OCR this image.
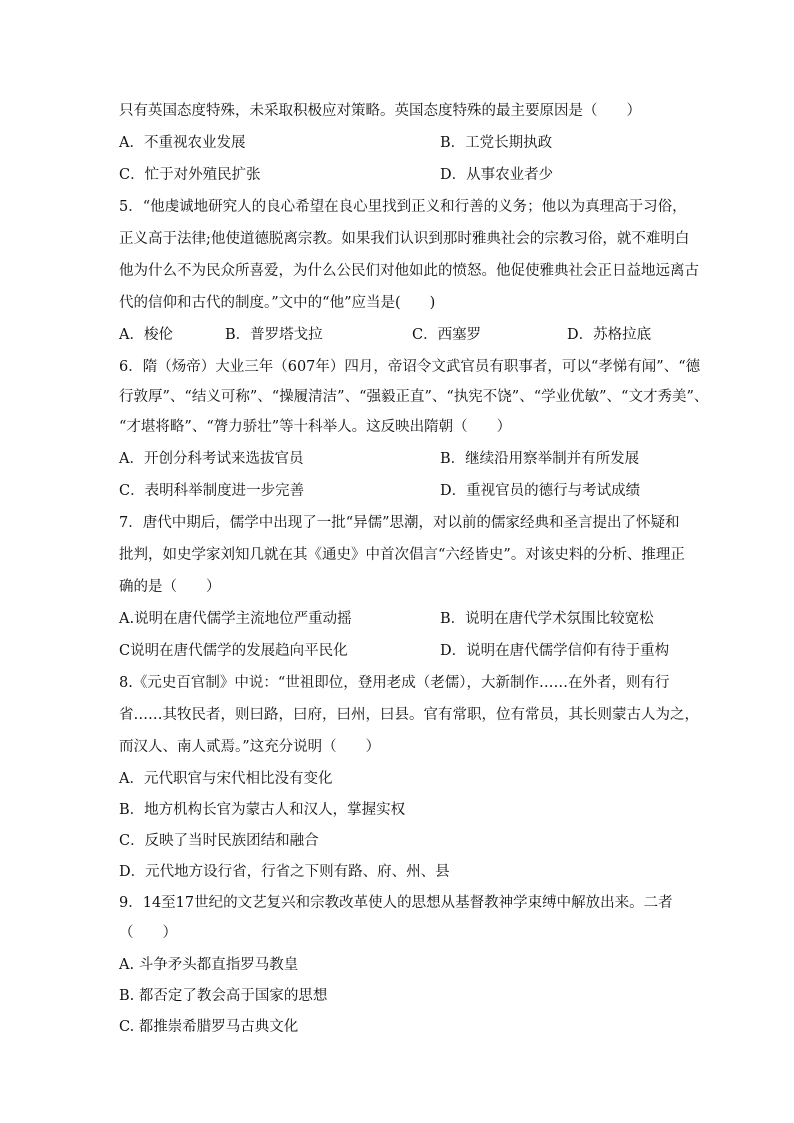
只有英国态度特殊，未采取积极应对策略。英国态度特殊的最主要原因是（　　）
A．不重视农业发展	B．工党长期执政
C．忙于对外殖民扩张	D．从事农业者少
5．“他虔诚地研究人的良心希望在良心里找到正义和行善的义务；他以为真理高于习俗，
正义高于法律;他使道德脱离宗教。如果我们认识到那时雅典社会的宗教习俗，就不难明白
他为什么不为民众所喜爱，为什么公民们对他如此的愤怒。他促使雅典社会正日益地远离古
代的信仰和古代的制度。”文中的“他”应当是(　　)
A．梭伦	B．普罗塔戈拉	C．西塞罗	D．苏格拉底
6．隋（炀帝）大业三年（607年）四月，帝诏令文武官员有职事者，可以“孝悌有闻”、“德
行敦厚”、“结义可称”、“操履清洁”、“强毅正直”、“执宪不饶”、“学业优敏”、“文才秀美”、
“才堪将略”、“膂力骄壮”等十科举人。这反映出隋朝（　　）
A．开创分科考试来选拔官员	B．继续沿用察举制并有所发展
C．表明科举制度进一步完善	D．重视官员的德行与考试成绩
7．唐代中期后，儒学中出现了一批“异儒”思潮，对以前的儒家经典和圣言提出了怀疑和
批判，如史学家刘知几就在其《通史》中首次倡言“六经皆史”。对该史料的分析、推理正
确的是（　　）
A.说明在唐代儒学主流地位严重动摇	B．说明在唐代学术氛围比较宽松
C说明在唐代儒学的发展趋向平民化	D．说明在唐代儒学信仰有待于重构
8.《元史百官制》中说：“世祖即位，登用老成（老儒），大新制作……在外者，则有行
省……其牧民者，则曰路，曰府，曰州，曰县。官有常职，位有常员，其长则蒙古人为之，
而汉人、南人贰焉。”这充分说明（　　）
A．元代职官与宋代相比没有变化
B．地方机构长官为蒙古人和汉人，掌握实权
C．反映了当时民族团结和融合
D．元代地方设行省，行省之下则有路、府、州、县
9．14至17世纪的文艺复兴和宗教改革使人的思想从基督教神学束缚中解放出来。二者
（　　）
A. 斗争矛头都直指罗马教皇
B. 都否定了教会高于国家的思想
C. 都推崇希腊罗马古典文化
